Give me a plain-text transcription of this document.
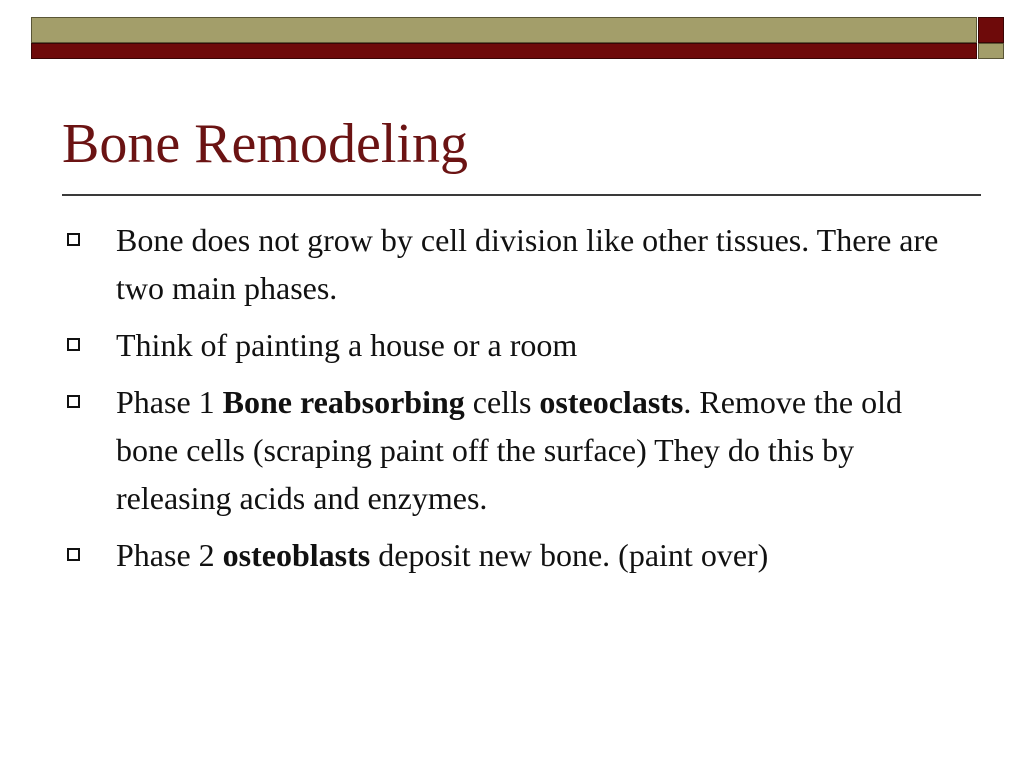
Bone Remodeling
Bone does not grow by cell division like other tissues. There are two main phases.
Think of painting a house or a room
Phase 1 Bone reabsorbing cells osteoclasts. Remove the old bone cells (scraping paint off the surface) They do this by releasing acids and enzymes.
Phase 2 osteoblasts deposit new bone. (paint over)
